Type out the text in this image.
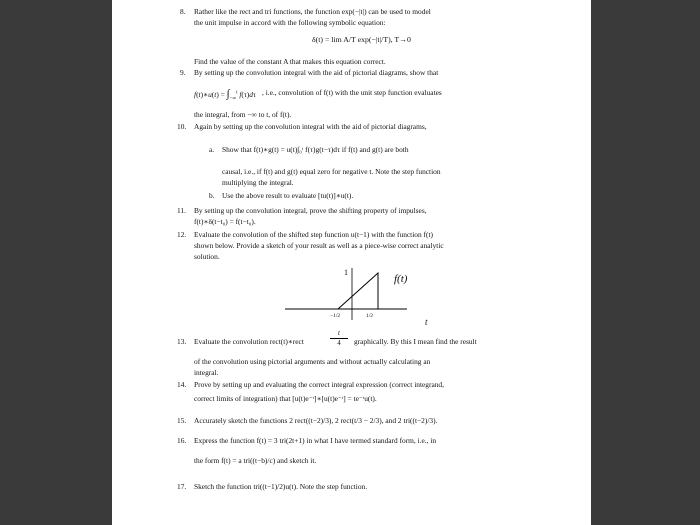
8. Rather like the rect and tri functions, the function exp(−|t|) can be used to model
the unit impulse in accord with the following symbolic equation:
δ(t) = lim A/T exp(−|t|/T), T→0
Find the value of the constant A that makes this equation correct.
9. By setting up the convolution integral with the aid of pictorial diagrams, show that
f(t)∗u(t) = $\int_{-\infty}^t$ f(τ)dτ , i.e., convolution of f(t) with the unit step function evaluates
the integral, from −∞ to t, of f(t).
10. Again by setting up the convolution integral with the aid of pictorial diagrams,
a. Show that f(t)∗g(t) = u(t)∫₀ᵗ f(τ)g(t−τ)dτ if f(t) and g(t) are both
causal, i.e., if f(t) and g(t) equal zero for negative t. Note the step function
multiplying the integral.
b. Use the above result to evaluate [tu(t)]∗u(t).
11. By setting up the convolution integral, prove the shifting property of impulses,
f(t)∗δ(t−t₀) = f(t−t₀).
12. Evaluate the convolution of the shifted step function u(t−1) with the function f(t)
shown below. Provide a sketch of your result as well as a piece-wise correct analytic
solution.
1
f(t)
−1/2	1/2
t
13. Evaluate the convolution rect(t)∗rect
t
4	graphically. By this I mean find the result
of the convolution using pictorial arguments and without actually calculating an
integral.
14. Prove by setting up and evaluating the correct integral expression (correct integrand,
correct limits of integration) that [u(t)e⁻ᵗ]∗[u(t)e⁻ᵗ] = te⁻ᵗu(t).
15. Accurately sketch the functions 2 rect((t−2)/3), 2 rect(t/3 − 2/3), and 2 tri((t−2)/3).
16. Express the function f(t) = 3 tri(2t+1) in what I have termed standard form, i.e., in
the form f(t) = a tri((t−b)/c) and sketch it.
17. Sketch the function tri((t−1)/2)u(t). Note the step function.
